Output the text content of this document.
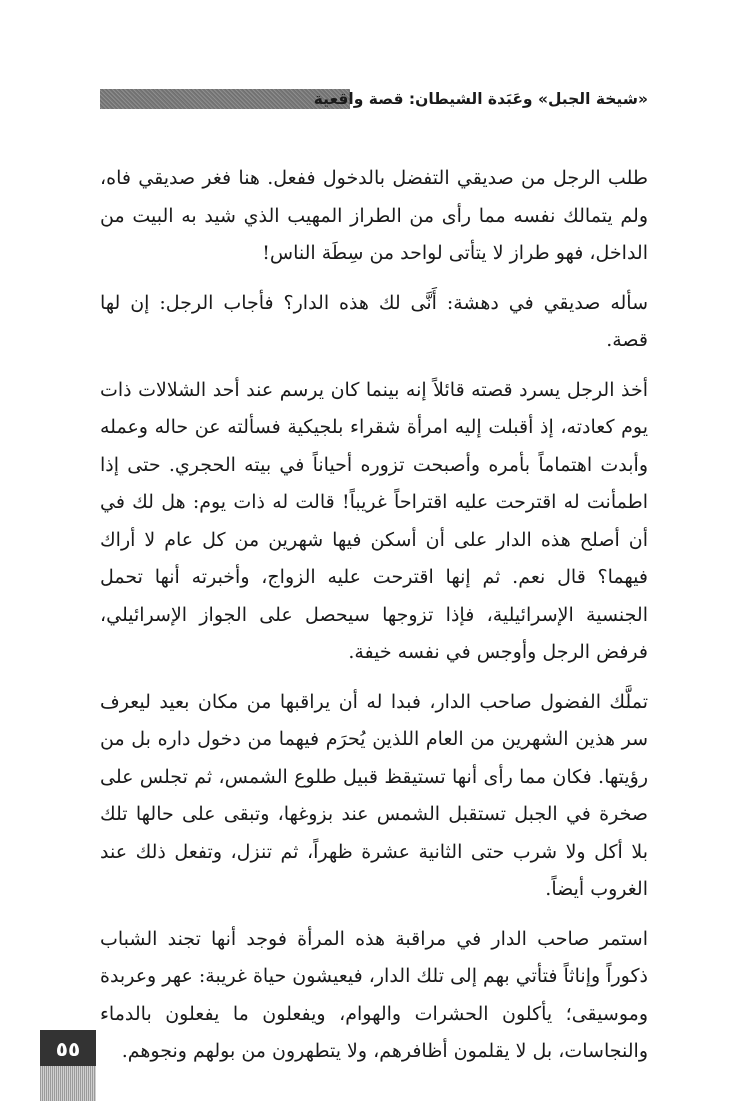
«شيخة الجبل» وعَبَدة الشيطان: قصة واقعية

طلب الرجل من صديقي التفضل بالدخول ففعل. هنا فغر صديقي فاه، ولم يتمالك نفسه مما رأى من الطراز المهيب الذي شيد به البيت من الداخل، فهو طراز لا يتأتى لواحد من سِطَة الناس!

سأله صديقي في دهشة: أَنَّى لك هذه الدار؟ فأجاب الرجل: إن لها قصة.

أخذ الرجل يسرد قصته قائلاً إنه بينما كان يرسم عند أحد الشلالات ذات يوم كعادته، إذ أقبلت إليه امرأة شقراء بلجيكية فسألته عن حاله وعمله وأبدت اهتماماً بأمره وأصبحت تزوره أحياناً في بيته الحجري. حتى إذا اطمأنت له اقترحت عليه اقتراحاً غريباً! قالت له ذات يوم: هل لك في أن أصلح هذه الدار على أن أسكن فيها شهرين من كل عام لا أراك فيهما؟ قال نعم. ثم إنها اقترحت عليه الزواج، وأخبرته أنها تحمل الجنسية الإسرائيلية، فإذا تزوجها سيحصل على الجواز الإسرائيلي، فرفض الرجل وأوجس في نفسه خيفة.

تملَّك الفضول صاحب الدار، فبدا له أن يراقبها من مكان بعيد ليعرف سر هذين الشهرين من العام اللذين يُحرَم فيهما من دخول داره بل من رؤيتها. فكان مما رأى أنها تستيقظ قبيل طلوع الشمس، ثم تجلس على صخرة في الجبل تستقبل الشمس عند بزوغها، وتبقى على حالها تلك بلا أكل ولا شرب حتى الثانية عشرة ظهراً، ثم تنزل، وتفعل ذلك عند الغروب أيضاً.

استمر صاحب الدار في مراقبة هذه المرأة فوجد أنها تجند الشباب ذكوراً وإناثاً فتأتي بهم إلى تلك الدار، فيعيشون حياة غريبة: عهر وعربدة وموسيقى؛ يأكلون الحشرات والهوام، ويفعلون ما يفعلون بالدماء والنجاسات، بل لا يقلمون أظافرهم، ولا يتطهرون من بولهم ونجوهم.

٥٥
